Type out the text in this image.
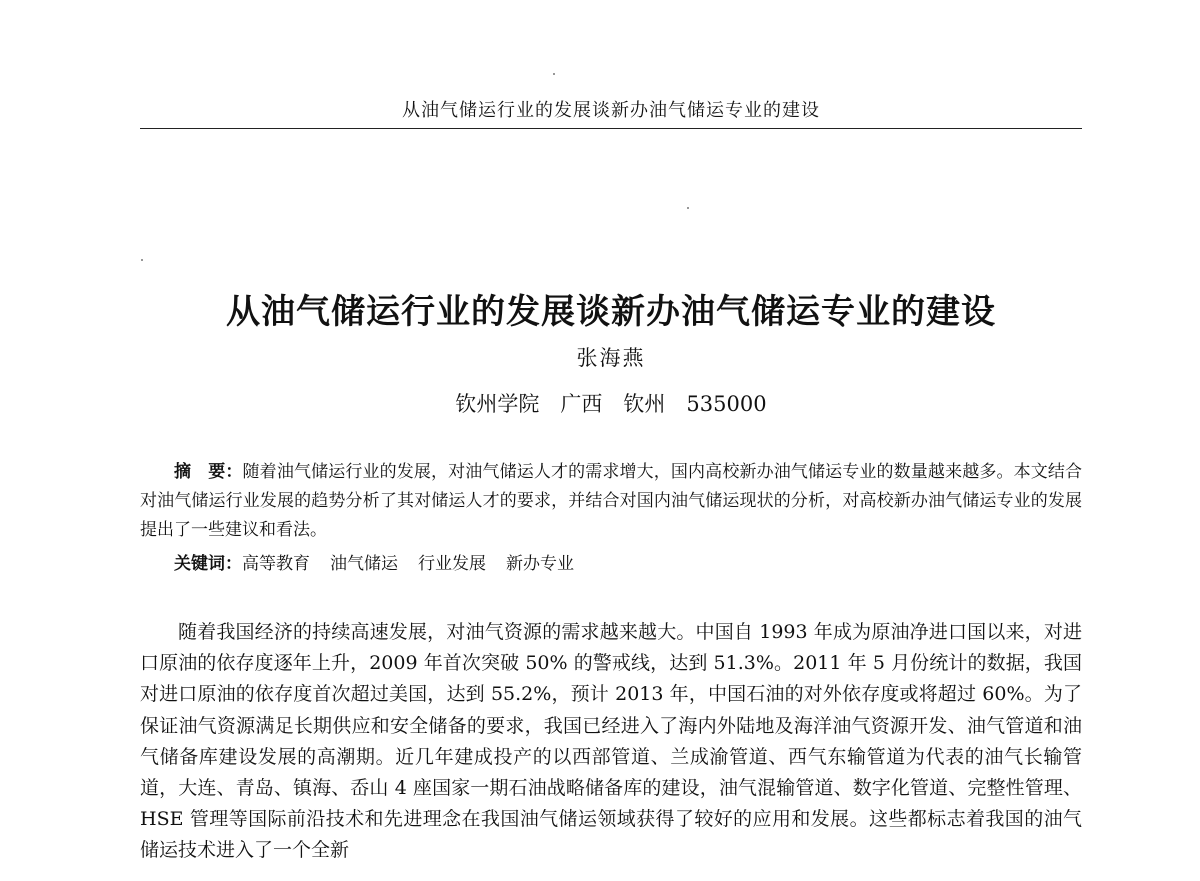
从油气储运行业的发展谈新办油气储运专业的建设
从油气储运行业的发展谈新办油气储运专业的建设
张海燕
钦州学院　广西　钦州　535000
摘　要：随着油气储运行业的发展，对油气储运人才的需求增大，国内高校新办油气储运专业的数量越来越多。本文结合对油气储运行业发展的趋势分析了其对储运人才的要求，并结合对国内油气储运现状的分析，对高校新办油气储运专业的发展提出了一些建议和看法。
关键词：高等教育 油气储运 行业发展 新办专业
随着我国经济的持续高速发展，对油气资源的需求越来越大。中国自 1993 年成为原油净进口国以来，对进口原油的依存度逐年上升，2009 年首次突破 50% 的警戒线，达到 51.3%。2011 年 5 月份统计的数据，我国对进口原油的依存度首次超过美国，达到 55.2%，预计 2013 年，中国石油的对外依存度或将超过 60%。为了保证油气资源满足长期供应和安全储备的要求，我国已经进入了海内外陆地及海洋油气资源开发、油气管道和油气储备库建设发展的高潮期。近几年建成投产的以西部管道、兰成渝管道、西气东输管道为代表的油气长输管道，大连、青岛、镇海、岙山 4 座国家一期石油战略储备库的建设，油气混输管道、数字化管道、完整性管理、HSE 管理等国际前沿技术和先进理念在我国油气储运领域获得了较好的应用和发展。这些都标志着我国的油气储运技术进入了一个全新
